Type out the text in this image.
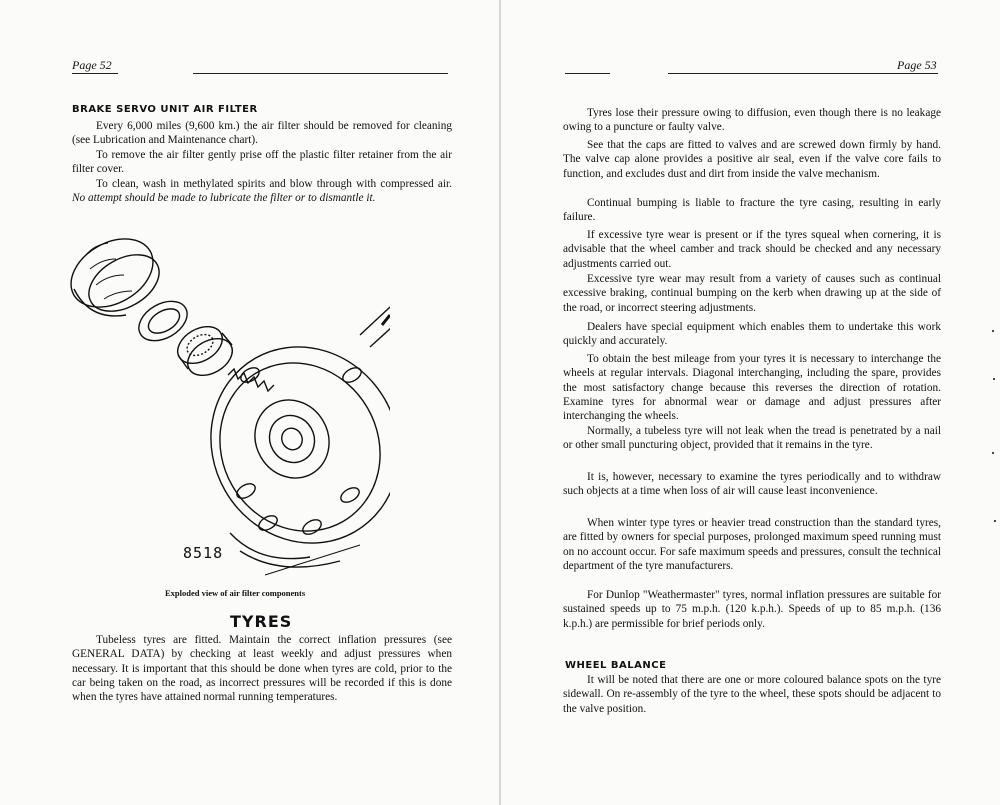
Page 52
BRAKE SERVO UNIT AIR FILTER

Every 6,000 miles (9,600 km.) the air filter should be removed for cleaning (see Lubrication and Maintenance chart).

To remove the air filter gently prise off the plastic filter retainer from the air filter cover.

To clean, wash in methylated spirits and blow through with compressed air. No attempt should be made to lubricate the filter or to dismantle it.

8518
Exploded view of air filter components
TYRES

Tubeless tyres are fitted. Maintain the correct inflation pressures (see GENERAL DATA) by checking at least weekly and adjust pressures when necessary. It is important that this should be done when tyres are cold, prior to the car being taken on the road, as incorrect pressures will be recorded if this is done when the tyres have attained normal running temperatures.

Page 53

Tyres lose their pressure owing to diffusion, even though there is no leakage owing to a puncture or faulty valve.

See that the caps are fitted to valves and are screwed down firmly by hand. The valve cap alone provides a positive air seal, even if the valve core fails to function, and excludes dust and dirt from inside the valve mechanism.

Continual bumping is liable to fracture the tyre casing, resulting in early failure.

If excessive tyre wear is present or if the tyres squeal when cornering, it is advisable that the wheel camber and track should be checked and any necessary adjustments carried out.

Excessive tyre wear may result from a variety of causes such as continual excessive braking, continual bumping on the kerb when drawing up at the side of the road, or incorrect steering adjustments.

Dealers have special equipment which enables them to undertake this work quickly and accurately.

To obtain the best mileage from your tyres it is necessary to interchange the wheels at regular intervals. Diagonal interchanging, including the spare, provides the most satisfactory change because this reverses the direction of rotation. Examine tyres for abnormal wear or damage and adjust pressures after interchanging the wheels.

Normally, a tubeless tyre will not leak when the tread is penetrated by a nail or other small puncturing object, provided that it remains in the tyre.

It is, however, necessary to examine the tyres periodically and to withdraw such objects at a time when loss of air will cause least inconvenience.

When winter type tyres or heavier tread construction than the standard tyres, are fitted by owners for special purposes, prolonged maximum speed running must on no account occur. For safe maximum speeds and pressures, consult the technical department of the tyre manufacturers.

For Dunlop "Weathermaster" tyres, normal inflation pressures are suitable for sustained speeds up to 75 m.p.h. (120 k.p.h.). Speeds of up to 85 m.p.h. (136 k.p.h.) are permissible for brief periods only.

WHEEL BALANCE

It will be noted that there are one or more coloured balance spots on the tyre sidewall. On re-assembly of the tyre to the wheel, these spots should be adjacent to the valve position.
